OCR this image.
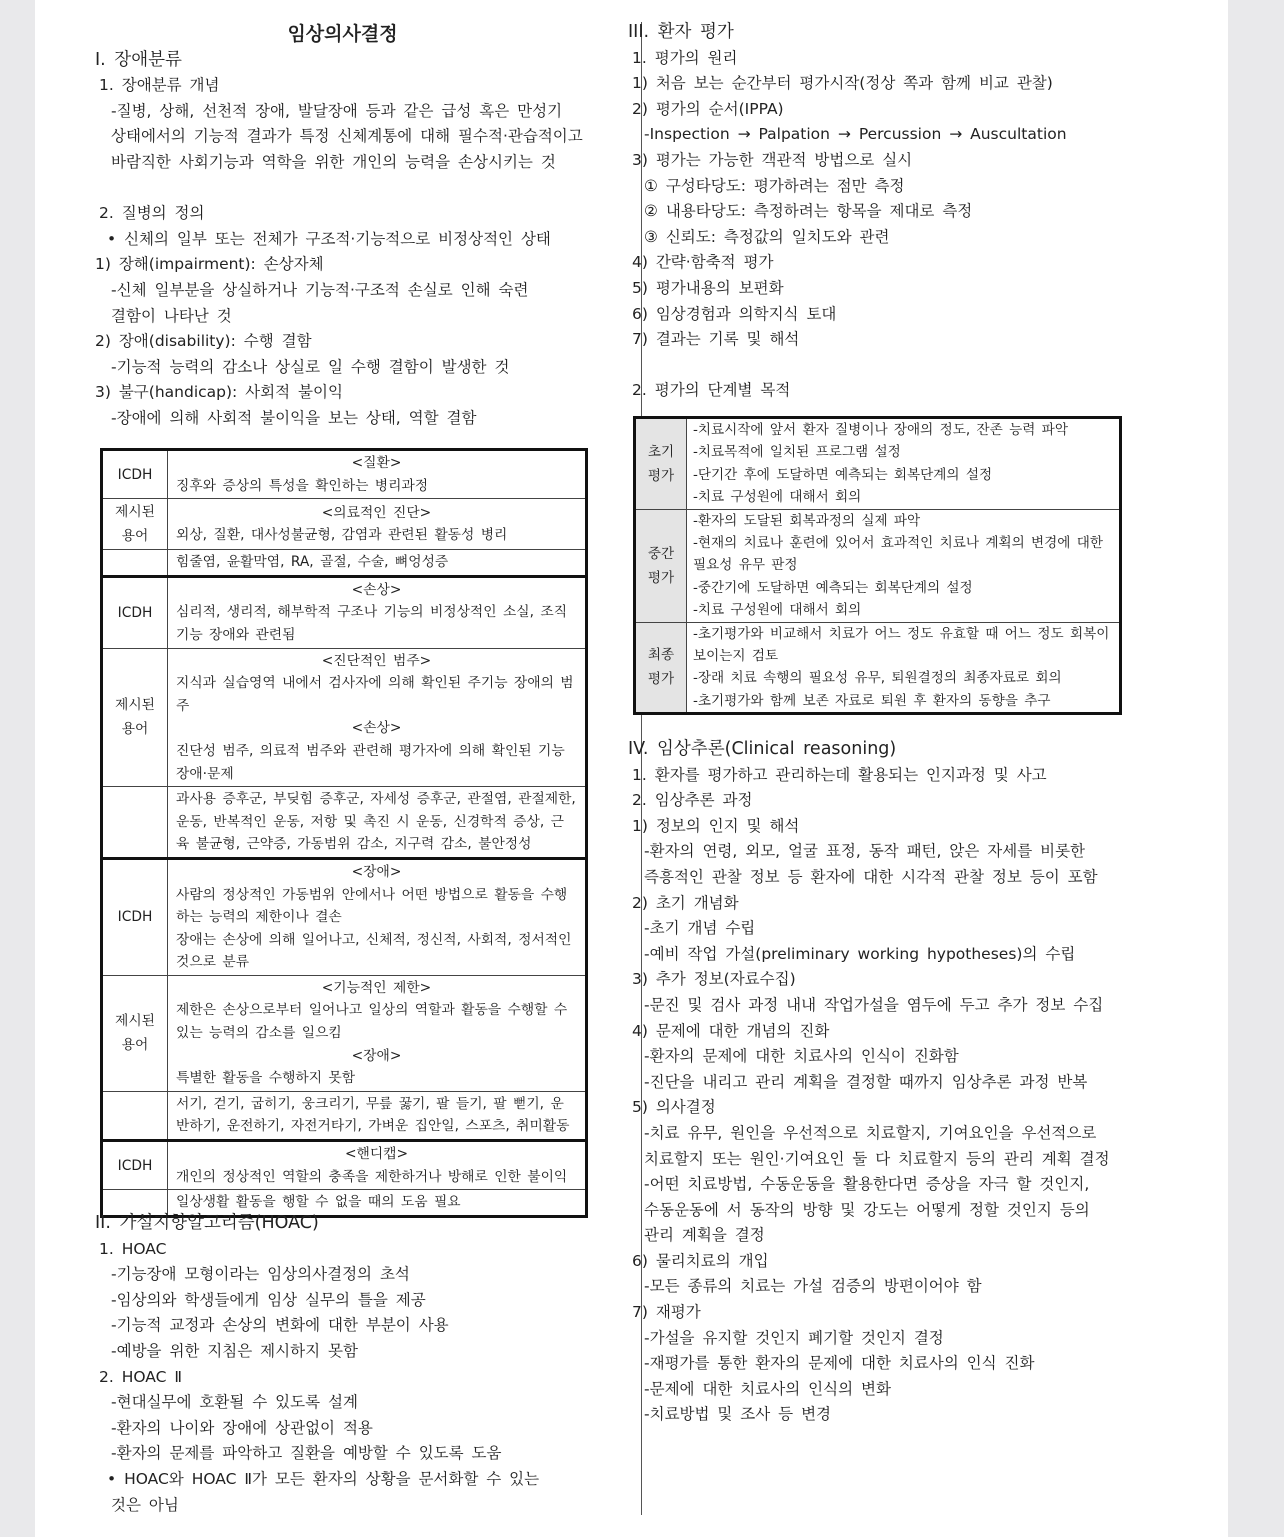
임상의사결정
I. 장애분류
1. 장애분류 개념
-질병, 상해, 선천적 장애, 발달장애 등과 같은 급성 혹은 만성기
상태에서의 기능적 결과가 특정 신체계통에 대해 필수적·관습적이고
바람직한 사회기능과 역학을 위한 개인의 능력을 손상시키는 것
2. 질병의 정의
• 신체의 일부 또는 전체가 구조적·기능적으로 비정상적인 상태
1) 장해(impairment): 손상자체
-신체 일부분을 상실하거나 기능적·구조적 손실로 인해 숙련
결함이 나타난 것
2) 장애(disability): 수행 결함
-기능적 능력의 감소나 상실로 일 수행 결함이 발생한 것
3) 불구(handicap): 사회적 불이익
-장애에 의해 사회적 불이익을 보는 상태, 역할 결함
ICDH	<질환>
징후와 증상의 특성을 확인하는 병리과정

제시된 용어	<의료적인 진단>
외상, 질환, 대사성불균형, 감염과 관련된 활동성 병리

	힘줄염, 윤활막염, RA, 골절, 수술, 뼈엉성증

ICDH	<손상>
심리적, 생리적, 해부학적 구조나 기능의 비정상적인 소실, 조직기능 장애와 관련됨

제시된 용어	<진단적인 범주>
지식과 실습영역 내에서 검사자에 의해 확인된 주기능 장애의 범주
<손상>
진단성 범주, 의료적 범주와 관련해 평가자에 의해 확인된 기능 장애·문제

	과사용 증후군, 부딪힘 증후군, 자세성 증후군, 관절염, 관절제한, 운동, 반복적인 운동, 저항 및 촉진 시 운동, 신경학적 증상, 근육 불균형, 근약증, 가동범위 감소, 지구력 감소, 불안정성

ICDH	<장애>
사람의 정상적인 가동범위 안에서나 어떤 방법으로 활동을 수행하는 능력의 제한이나 결손
장애는 손상에 의해 일어나고, 신체적, 정신적, 사회적, 정서적인 것으로 분류

제시된 용어	<기능적인 제한>
제한은 손상으로부터 일어나고 일상의 역할과 활동을 수행할 수 있는 능력의 감소를 일으킴
<장애>
특별한 활동을 수행하지 못함

	서기, 걷기, 굽히기, 웅크리기, 무릎 꿇기, 팔 들기, 팔 뻗기, 운반하기, 운전하기, 자전거타기, 가벼운 집안일, 스포츠, 취미활동

ICDH	<핸디캡>
개인의 정상적인 역할의 충족을 제한하거나 방해로 인한 불이익

	일상생활 활동을 행할 수 없을 때의 도움 필요
II. 가설지향알고리즘(HOAC)
1. HOAC
-기능장애 모형이라는 임상의사결정의 초석
-임상의와 학생들에게 임상 실무의 틀을 제공
-기능적 교정과 손상의 변화에 대한 부분이 사용
-예방을 위한 지침은 제시하지 못함
2. HOAC Ⅱ
-현대실무에 호환될 수 있도록 설계
-환자의 나이와 장애에 상관없이 적용
-환자의 문제를 파악하고 질환을 예방할 수 있도록 도움
• HOAC와 HOAC Ⅱ가 모든 환자의 상황을 문서화할 수 있는
것은 아님
III. 환자 평가
1. 평가의 원리
1) 처음 보는 순간부터 평가시작(정상 쪽과 함께 비교 관찰)
2) 평가의 순서(IPPA)
-Inspection → Palpation → Percussion → Auscultation
3) 평가는 가능한 객관적 방법으로 실시
① 구성타당도: 평가하려는 점만 측정
② 내용타당도: 측정하려는 항목을 제대로 측정
③ 신뢰도: 측정값의 일치도와 관련
4) 간략·함축적 평가
5) 평가내용의 보편화
6) 임상경험과 의학지식 토대
7) 결과는 기록 및 해석
2. 평가의 단계별 목적
초기 평가	-치료시작에 앞서 환자 질병이나 장애의 정도, 잔존 능력 파악
-치료목적에 일치된 프로그램 설정
-단기간 후에 도달하면 예측되는 회복단계의 설정
-치료 구성원에 대해서 회의

중간 평가	-환자의 도달된 회복과정의 실제 파악
-현재의 치료나 훈련에 있어서 효과적인 치료나 계획의 변경에 대한 필요성 유무 판정
-중간기에 도달하면 예측되는 회복단계의 설정
-치료 구성원에 대해서 회의

최종 평가	-초기평가와 비교해서 치료가 어느 정도 유효할 때 어느 정도 회복이 보이는지 검토
-장래 치료 속행의 필요성 유무, 퇴원결정의 최종자료로 회의
-초기평가와 함께 보존 자료로 퇴원 후 환자의 동향을 추구
IV. 임상추론(Clinical reasoning)
1. 환자를 평가하고 관리하는데 활용되는 인지과정 및 사고
2. 임상추론 과정
1) 정보의 인지 및 해석
-환자의 연령, 외모, 얼굴 표정, 동작 패턴, 앉은 자세를 비롯한
즉흥적인 관찰 정보 등 환자에 대한 시각적 관찰 정보 등이 포함
2) 초기 개념화
-초기 개념 수립
-예비 작업 가설(preliminary working hypotheses)의 수립
3) 추가 정보(자료수집)
-문진 및 검사 과정 내내 작업가설을 염두에 두고 추가 정보 수집
4) 문제에 대한 개념의 진화
-환자의 문제에 대한 치료사의 인식이 진화함
-진단을 내리고 관리 계획을 결정할 때까지 임상추론 과정 반복
5) 의사결정
-치료 유무, 원인을 우선적으로 치료할지, 기여요인을 우선적으로
치료할지 또는 원인·기여요인 둘 다 치료할지 등의 관리 계획 결정
-어떤 치료방법, 수동운동을 활용한다면 증상을 자극 할 것인지,
수동운동에 서 동작의 방향 및 강도는 어떻게 정할 것인지 등의
관리 계획을 결정
6) 물리치료의 개입
-모든 종류의 치료는 가설 검증의 방편이어야 함
7) 재평가
-가설을 유지할 것인지 폐기할 것인지 결정
-재평가를 통한 환자의 문제에 대한 치료사의 인식 진화
-문제에 대한 치료사의 인식의 변화
-치료방법 및 조사 등 변경
